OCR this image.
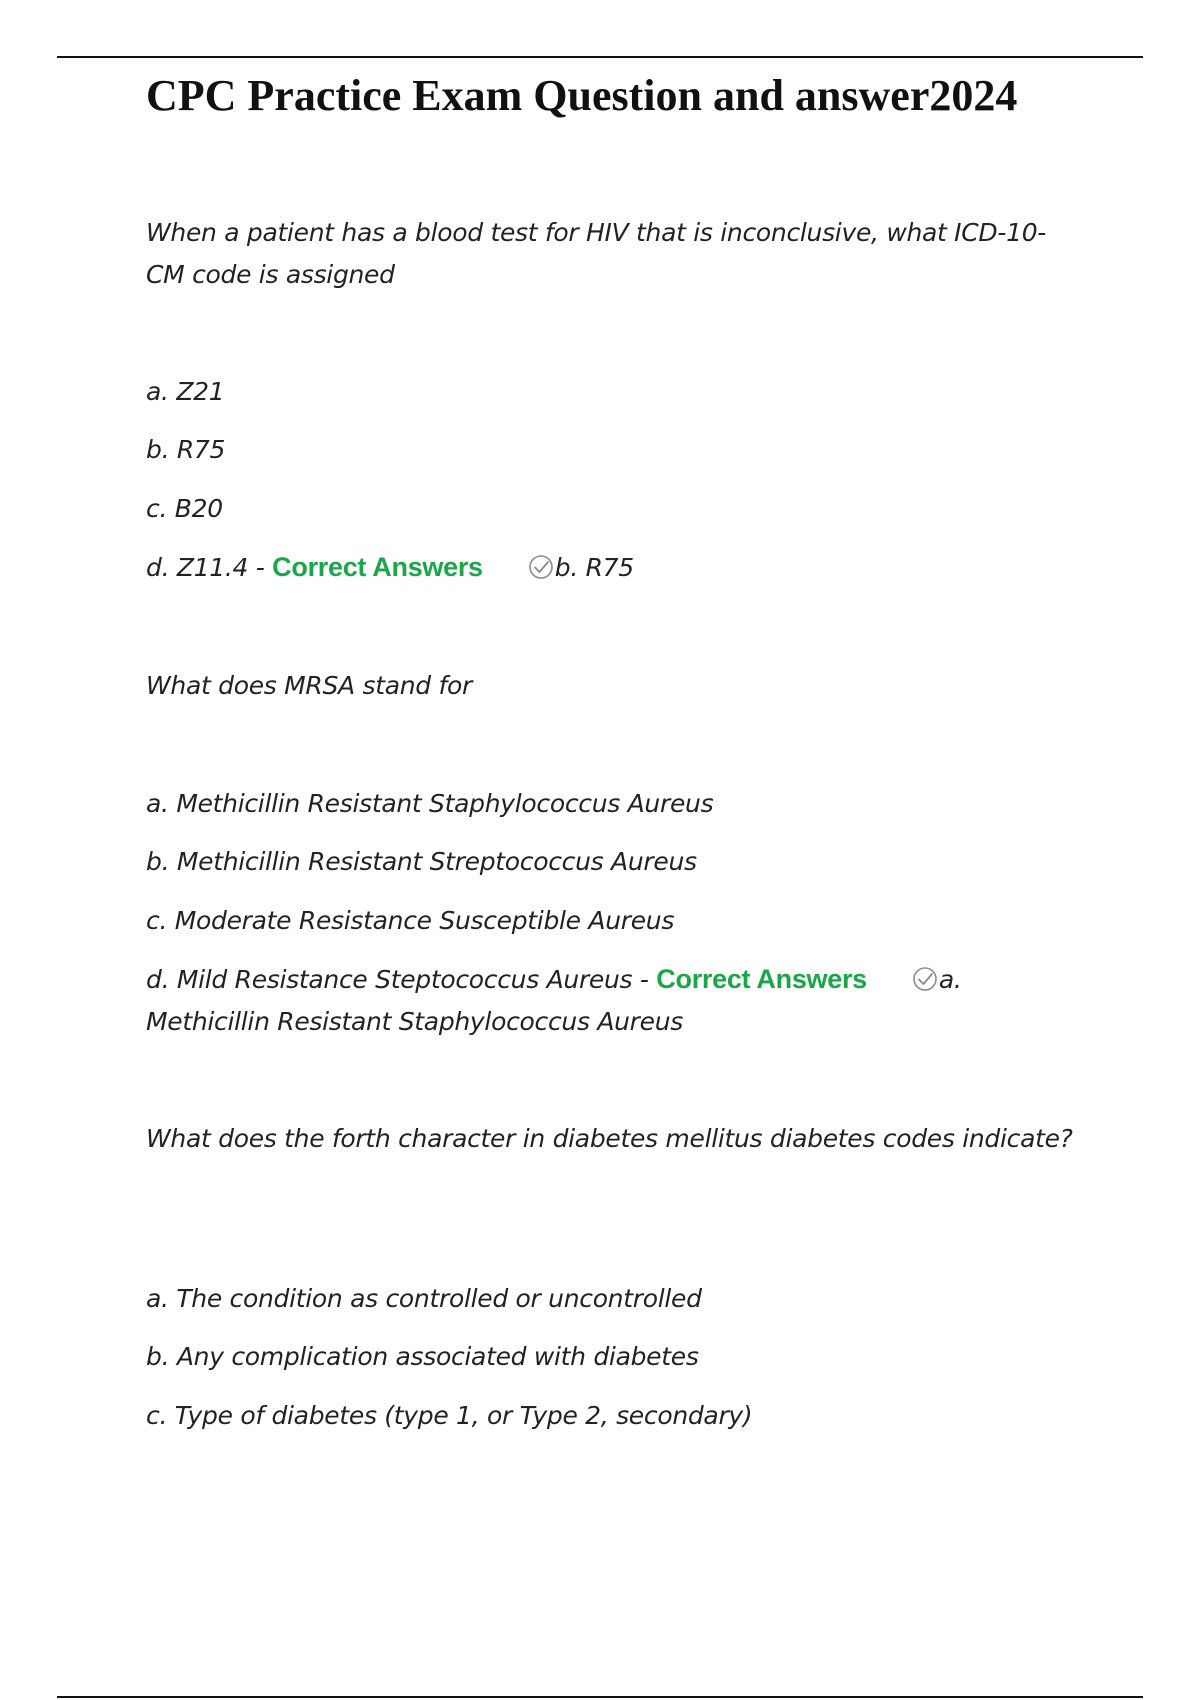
CPC Practice Exam Question and answer2024

When a patient has a blood test for HIV that is inconclusive, what ICD-10-CM code is assigned

a. Z21

b. R75

c. B20

d. Z11.4 - Correct Answers	b. R75

What does MRSA stand for

a. Methicillin Resistant Staphylococcus Aureus

b. Methicillin Resistant Streptococcus Aureus

c. Moderate Resistance Susceptible Aureus

d. Mild Resistance Steptococcus Aureus - Correct Answers	a. Methicillin Resistant Staphylococcus Aureus

What does the forth character in diabetes mellitus diabetes codes indicate?

a. The condition as controlled or uncontrolled

b. Any complication associated with diabetes

c. Type of diabetes (type 1, or Type 2, secondary)
